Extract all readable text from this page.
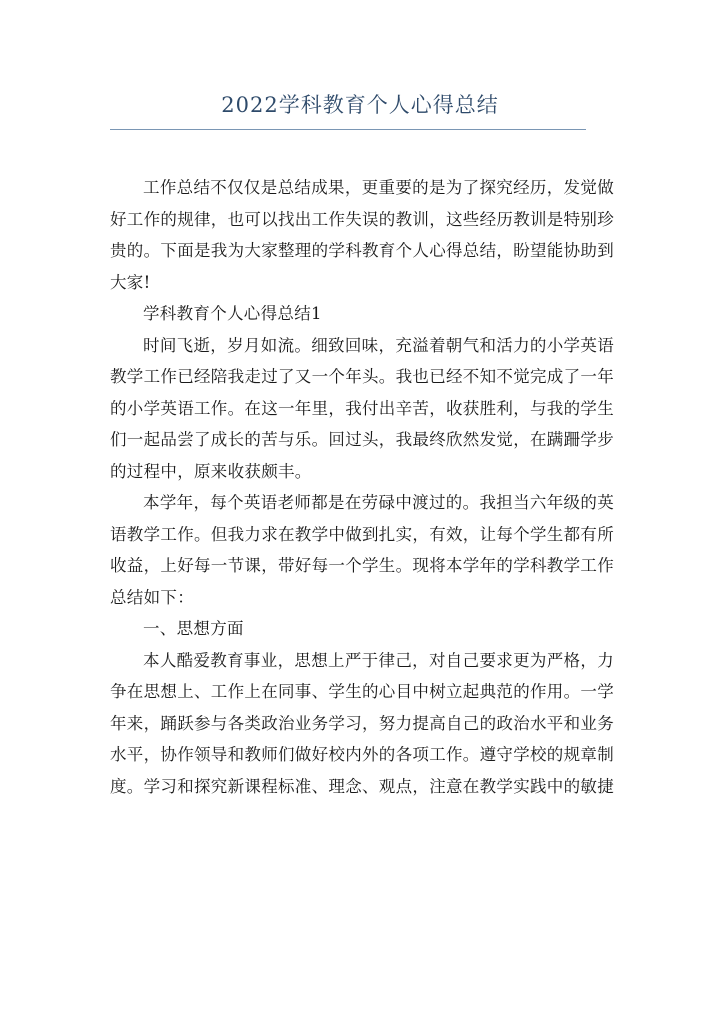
2022学科教育个人心得总结

工作总结不仅仅是总结成果，更重要的是为了探究经历，发觉做好工作的规律，也可以找出工作失误的教训，这些经历教训是特别珍贵的。下面是我为大家整理的学科教育个人心得总结，盼望能协助到大家!

学科教育个人心得总结1

时间飞逝，岁月如流。细致回味，充溢着朝气和活力的小学英语教学工作已经陪我走过了又一个年头。我也已经不知不觉完成了一年的小学英语工作。在这一年里，我付出辛苦，收获胜利，与我的学生们一起品尝了成长的苦与乐。回过头，我最终欣然发觉，在蹒跚学步的过程中，原来收获颇丰。

本学年，每个英语老师都是在劳碌中渡过的。我担当六年级的英语教学工作。但我力求在教学中做到扎实，有效，让每个学生都有所收益，上好每一节课，带好每一个学生。现将本学年的学科教学工作总结如下：

一、思想方面

本人酷爱教育事业，思想上严于律己，对自己要求更为严格，力争在思想上、工作上在同事、学生的心目中树立起典范的作用。一学年来，踊跃参与各类政治业务学习，努力提高自己的政治水平和业务水平，协作领导和教师们做好校内外的各项工作。遵守学校的规章制度。学习和探究新课程标准、理念、观点，注意在教学实践中的敏捷
